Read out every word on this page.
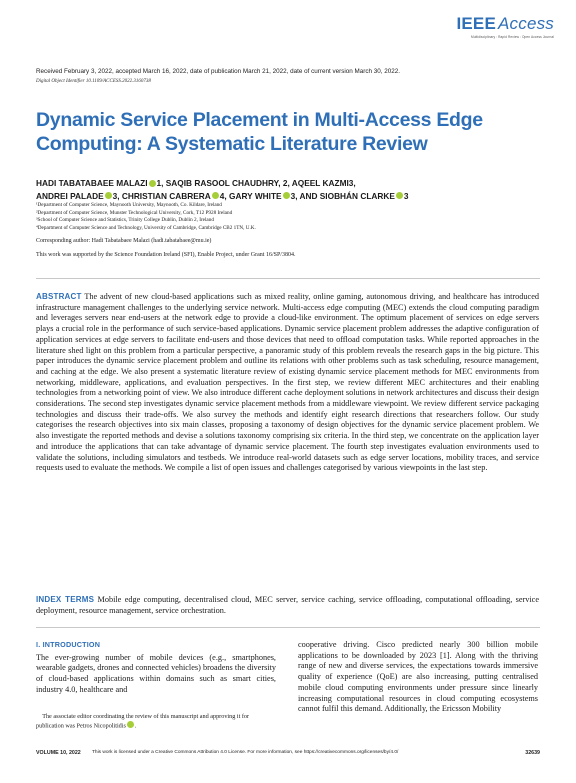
IEEE Access
Multidisciplinary : Rapid Review : Open Access Journal
Received February 3, 2022, accepted March 16, 2022, date of publication March 21, 2022, date of current version March 30, 2022.
Digital Object Identifier 10.1109/ACCESS.2022.3160738
Dynamic Service Placement in Multi-Access Edge
Computing: A Systematic Literature Review
HADI TABATABAEE MALAZI 1, SAQIB RASOOL CHAUDHRY, 2, AQEEL KAZMI3,
ANDREI PALADE 3, CHRISTIAN CABRERA 4, GARY WHITE 3, AND SIOBHÁN CLARKE 3
¹Department of Computer Science, Maynooth University, Maynooth, Co. Kildare, Ireland
²Department of Computer Science, Munster Technological University, Cork, T12 P928 Ireland
³School of Computer Science and Statistics, Trinity College Dublin, Dublin 2, Ireland
⁴Department of Computer Science and Technology, University of Cambridge, Cambridge CB2 1TN, U.K.
Corresponding author: Hadi Tabatabaee Malazi (hadi.tabatabaee@mu.ie)
This work was supported by the Science Foundation Ireland (SFI), Enable Project, under Grant 16/SP/3804.
ABSTRACT The advent of new cloud-based applications such as mixed reality, online gaming, autonomous driving, and healthcare has introduced infrastructure management challenges to the underlying service network. Multi-access edge computing (MEC) extends the cloud computing paradigm and leverages servers near end-users at the network edge to provide a cloud-like environment. The optimum placement of services on edge servers plays a crucial role in the performance of such service-based applications. Dynamic service placement problem addresses the adaptive configuration of application services at edge servers to facilitate end-users and those devices that need to offload computation tasks. While reported approaches in the literature shed light on this problem from a particular perspective, a panoramic study of this problem reveals the research gaps in the big picture. This paper introduces the dynamic service placement problem and outline its relations with other problems such as task scheduling, resource management, and caching at the edge. We also present a systematic literature review of existing dynamic service placement methods for MEC environments from networking, middleware, applications, and evaluation perspectives. In the first step, we review different MEC architectures and their enabling technologies from a networking point of view. We also introduce different cache deployment solutions in network architectures and discuss their design considerations. The second step investigates dynamic service placement methods from a middleware viewpoint. We review different service packaging technologies and discuss their trade-offs. We also survey the methods and identify eight research directions that researchers follow. Our study categorises the research objectives into six main classes, proposing a taxonomy of design objectives for the dynamic service placement problem. We also investigate the reported methods and devise a solutions taxonomy comprising six criteria. In the third step, we concentrate on the application layer and introduce the applications that can take advantage of dynamic service placement. The fourth step investigates evaluation environments used to validate the solutions, including simulators and testbeds. We introduce real-world datasets such as edge server locations, mobility traces, and service requests used to evaluate the methods. We compile a list of open issues and challenges categorised by various viewpoints in the last step.
INDEX TERMS Mobile edge computing, decentralised cloud, MEC server, service caching, service offloading, computational offloading, service deployment, resource management, service orchestration.
I. INTRODUCTION
The ever-growing number of mobile devices (e.g., smartphones, wearable gadgets, drones and connected vehicles) broadens the diversity of cloud-based applications within domains such as smart cities, industry 4.0, healthcare and
The associate editor coordinating the review of this manuscript and approving it for publication was Petros Nicopolitidis .
cooperative driving. Cisco predicted nearly 300 billion mobile applications to be downloaded by 2023 [1]. Along with the thriving range of new and diverse services, the expectations towards immersive quality of experience (QoE) are also increasing, putting centralised mobile cloud computing environments under pressure since linearly increasing computational resources in cloud computing ecosystems cannot fulfil this demand. Additionally, the Ericsson Mobility
VOLUME 10, 2022 This work is licensed under a Creative Commons Attribution 4.0 License. For more information, see https://creativecommons.org/licenses/by/4.0/	32639
